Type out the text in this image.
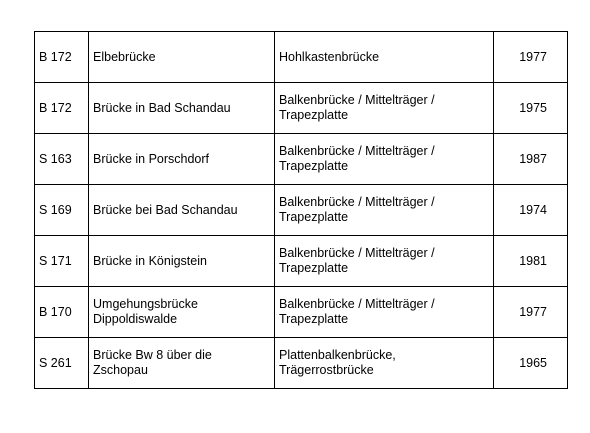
B 172	Elbebrücke	Hohlkastenbrücke	1977
B 172	Brücke in Bad Schandau	Balkenbrücke / Mittelträger / Trapezplatte	1975
S 163	Brücke in Porschdorf	Balkenbrücke / Mittelträger / Trapezplatte	1987
S 169	Brücke bei Bad Schandau	Balkenbrücke / Mittelträger / Trapezplatte	1974
S 171	Brücke in Königstein	Balkenbrücke / Mittelträger / Trapezplatte	1981
B 170	Umgehungsbrücke Dippoldiswalde	Balkenbrücke / Mittelträger / Trapezplatte	1977
S 261	Brücke Bw 8 über die Zschopau	Plattenbalkenbrücke, Trägerrostbrücke	1965
